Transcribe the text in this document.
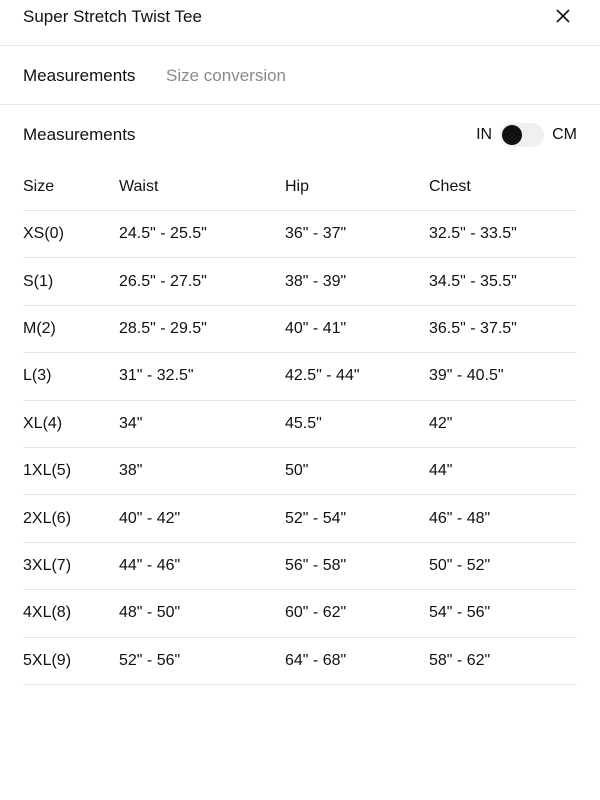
Super Stretch Twist Tee
Measurements Size conversion
Measurements	IN	CM
Size	Waist	Hip	Chest
XS(0)	24.5" - 25.5"	36" - 37"	32.5" - 33.5"
S(1)	26.5" - 27.5"	38" - 39"	34.5" - 35.5"
M(2)	28.5" - 29.5"	40" - 41"	36.5" - 37.5"
L(3)	31" - 32.5"	42.5" - 44"	39" - 40.5"
XL(4)	34"	45.5"	42"
1XL(5)	38"	50"	44"
2XL(6)	40" - 42"	52" - 54"	46" - 48"
3XL(7)	44" - 46"	56" - 58"	50" - 52"
4XL(8)	48" - 50"	60" - 62"	54" - 56"
5XL(9)	52" - 56"	64" - 68"	58" - 62"
